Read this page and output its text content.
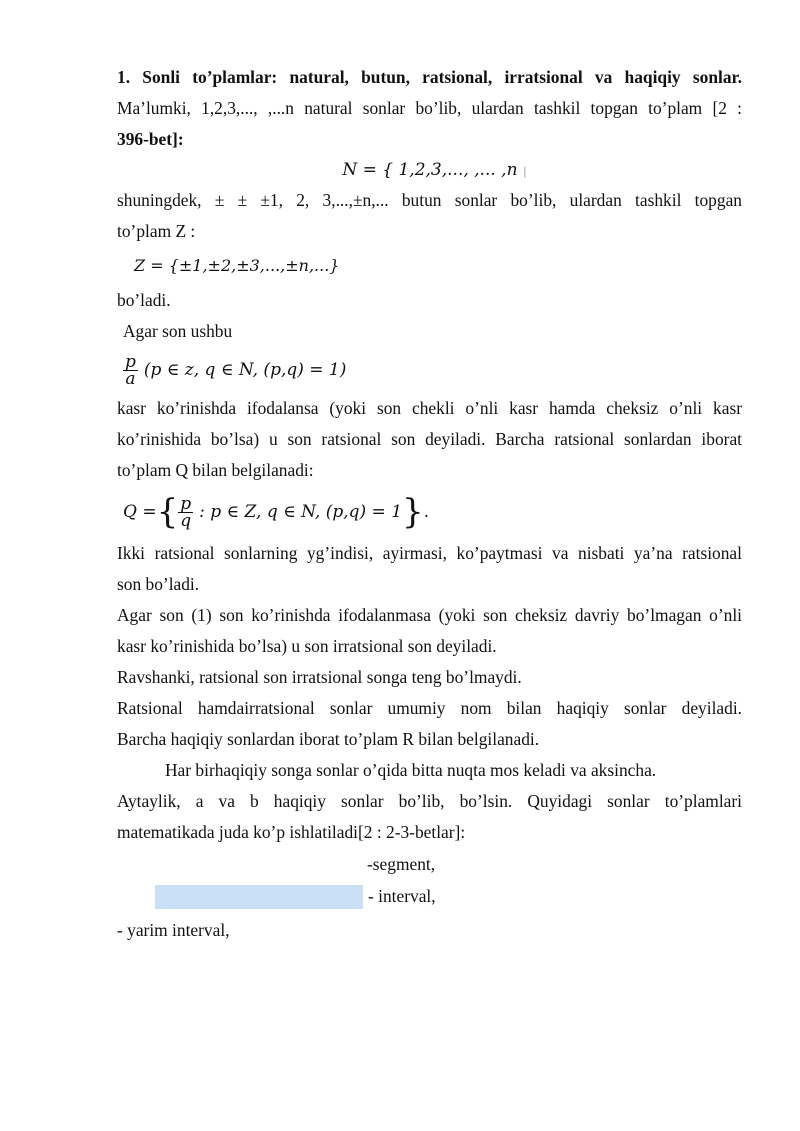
1. Sonli to’plamlar: natural, butun, ratsional, irratsional va haqiqiy sonlar.

Ma’lumki, 1,2,3,..., ,...n natural sonlar bo’lib, ulardan tashkil topgan to’plam [2 :

396-bet]:

N = { 1,2,3,..., ,... ,n |

shuningdek, ± ± ±1, 2, 3,...,±n,... butun sonlar bo’lib, ulardan tashkil topgan

to’plam Z :

Z = {±1,±2,±3,...,±n,...}

bo’ladi.

Agar son ushbu

$\frac{p}{a} (p$ ∈ z, q ∈ N, (p,q) = 1)

kasr ko’rinishda ifodalansa (yoki son chekli o’nli kasr hamda cheksiz o’nli kasr

ko’rinishida bo’lsa) u son ratsional son deyiladi. Barcha ratsional sonlardan iborat

to’plam Q bilan belgilanadi:

Q = { $\frac{p}{q}$ : p ∈ Z, q ∈ N, (p,q) = 1 } .

Ikki ratsional sonlarning yg’indisi, ayirmasi, ko’paytmasi va nisbati ya’na ratsional

son bo’ladi.

Agar son (1) son ko’rinishda ifodalanmasa (yoki son cheksiz davriy bo’lmagan o’nli

kasr ko’rinishida bo’lsa) u son irratsional son deyiladi.

Ravshanki, ratsional son irratsional songa teng bo’lmaydi.

Ratsional hamdairratsional sonlar umumiy nom bilan haqiqiy sonlar deyiladi.

Barcha haqiqiy sonlardan iborat to’plam R bilan belgilanadi.

Har birhaqiqiy songa sonlar o’qida bitta nuqta mos keladi va aksincha.

Aytaylik, a va b haqiqiy sonlar bo’lib, bo’lsin. Quyidagi sonlar to’plamlari

matematikada juda ko’p ishlatiladi[2 : 2-3-betlar]:

-segment,
- interval,

- yarim interval,
